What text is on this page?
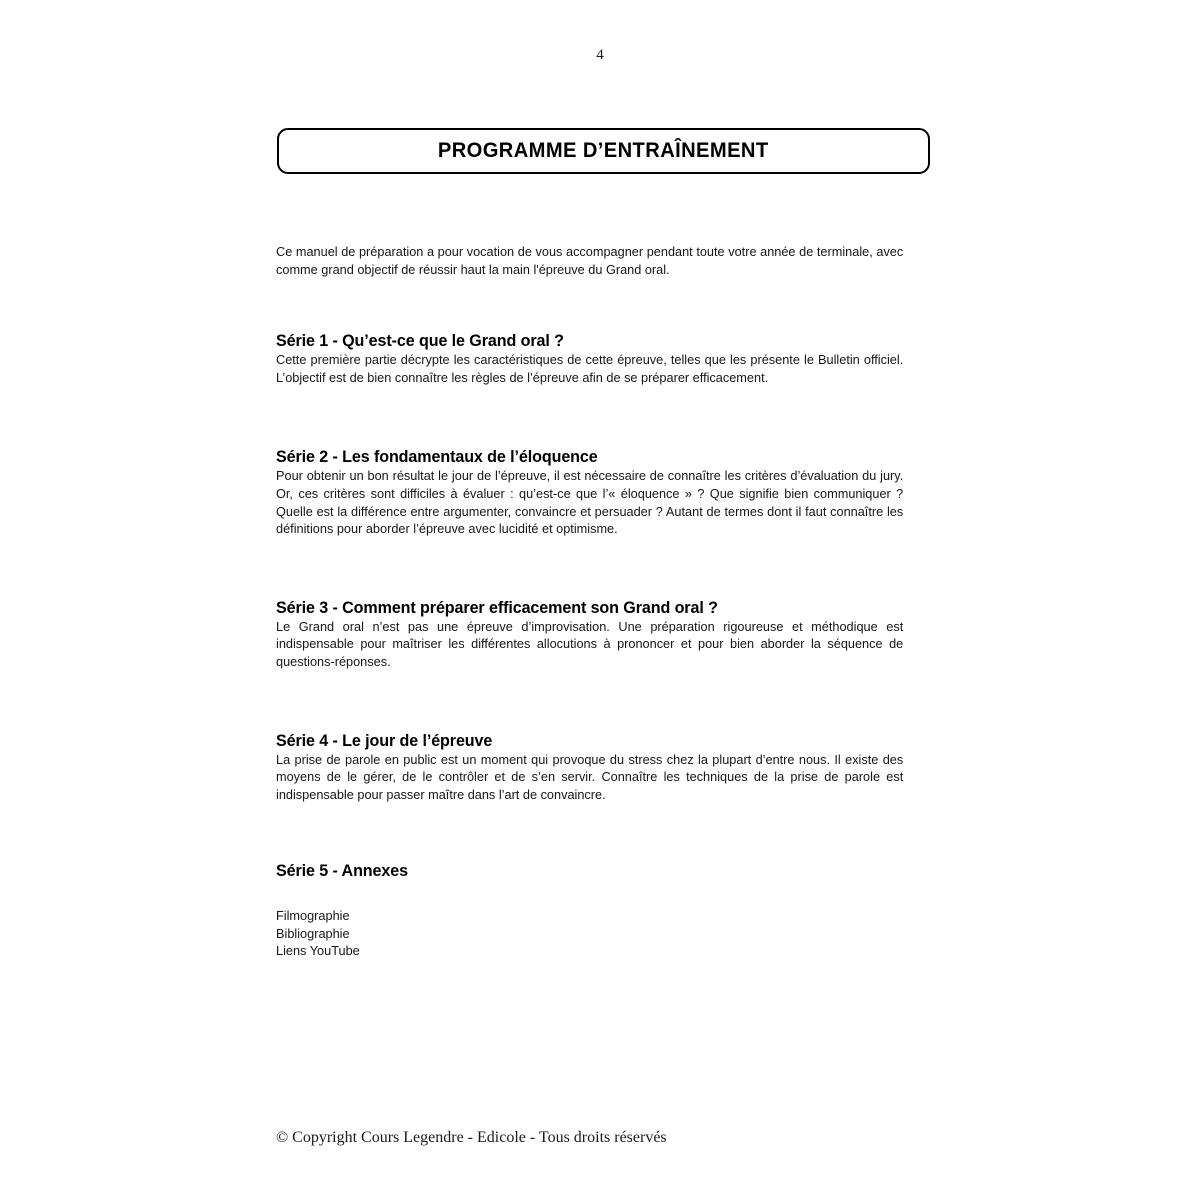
4
PROGRAMME D’ENTRAÎNEMENT

Ce manuel de préparation a pour vocation de vous accompagner pendant toute votre année de terminale, avec comme grand objectif de réussir haut la main l'épreuve du Grand oral.

Série 1 - Qu’est-ce que le Grand oral ?

Cette première partie décrypte les caractéristiques de cette épreuve, telles que les présente le Bulletin officiel. L’objectif est de bien connaître les règles de l’épreuve afin de se préparer efficacement.

Série 2 - Les fondamentaux de l’éloquence

Pour obtenir un bon résultat le jour de l’épreuve, il est nécessaire de connaître les critères d’évaluation du jury. Or, ces critères sont difficiles à évaluer : qu’est-ce que l’« éloquence » ? Que signifie bien communiquer ? Quelle est la différence entre argumenter, convaincre et persuader ? Autant de termes dont il faut connaître les définitions pour aborder l’épreuve avec lucidité et optimisme.

Série 3 - Comment préparer efficacement son Grand oral ?

Le Grand oral n’est pas une épreuve d’improvisation. Une préparation rigoureuse et méthodique est indispensable pour maîtriser les différentes allocutions à prononcer et pour bien aborder la séquence de questions-réponses.

Série 4 - Le jour de l’épreuve

La prise de parole en public est un moment qui provoque du stress chez la plupart d’entre nous. Il existe des moyens de le gérer, de le contrôler et de s’en servir. Connaître les techniques de la prise de parole est indispensable pour passer maître dans l’art de convaincre.

Série 5 - Annexes
Filmographie
Bibliographie
Liens YouTube
© Copyright Cours Legendre - Edicole - Tous droits réservés
